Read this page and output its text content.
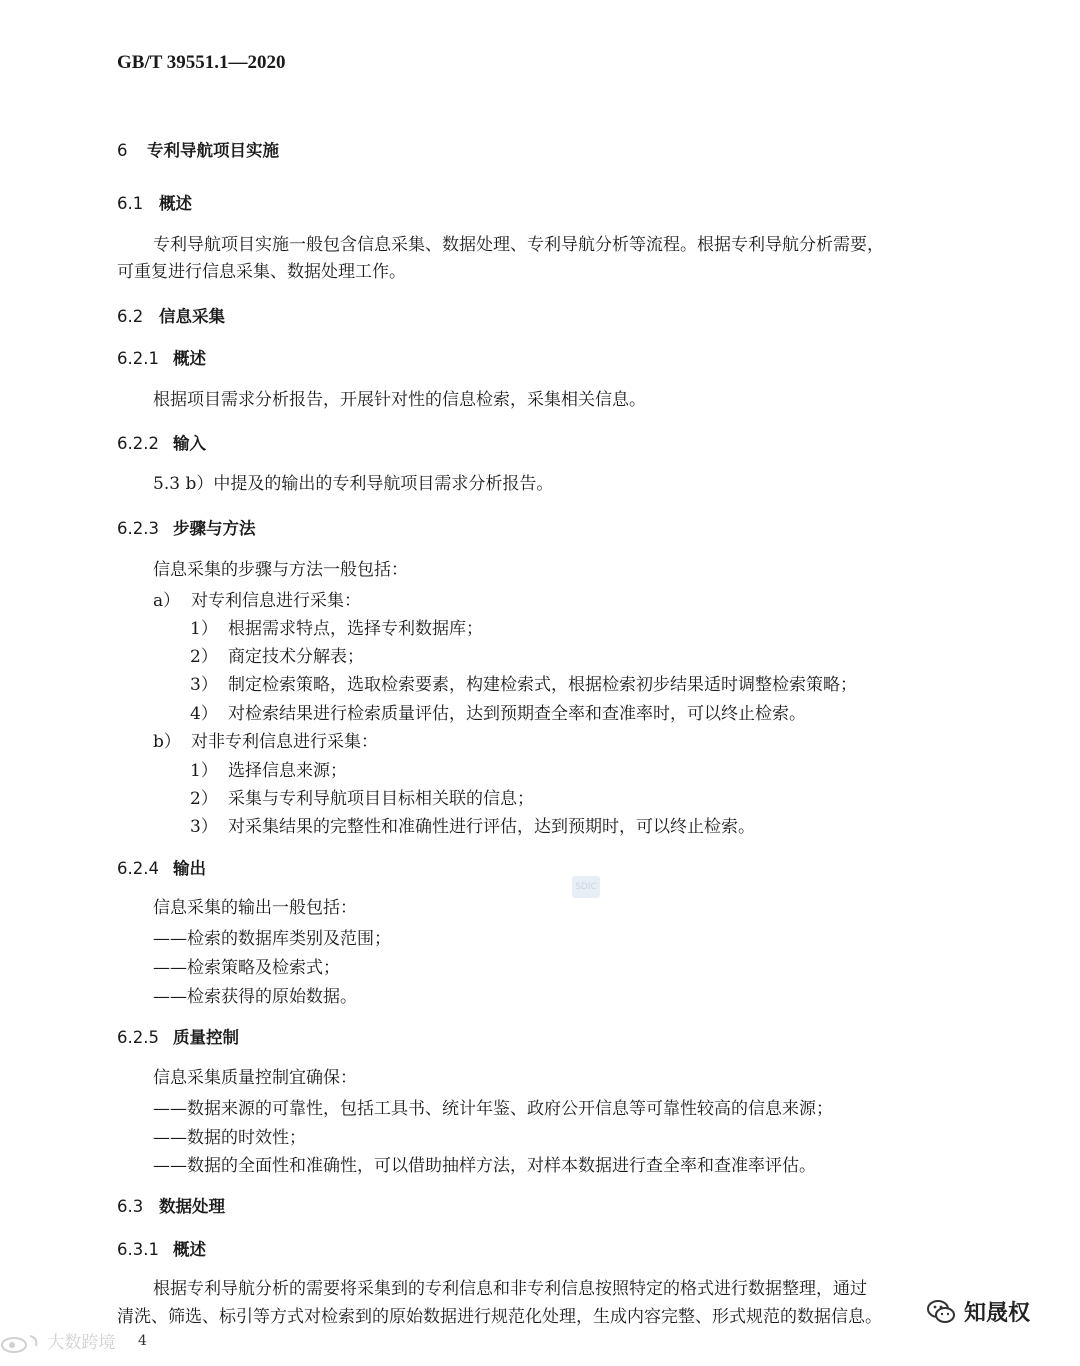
GB/T 39551.1—2020
6 专利导航项目实施
6.1 概述
专利导航项目实施一般包含信息采集、数据处理、专利导航分析等流程。根据专利导航分析需要，
可重复进行信息采集、数据处理工作。
6.2 信息采集
6.2.1 概述
根据项目需求分析报告，开展针对性的信息检索，采集相关信息。
6.2.2 输入
5.3 b）中提及的输出的专利导航项目需求分析报告。
6.2.3 步骤与方法
信息采集的步骤与方法一般包括：
a） 对专利信息进行采集：
1） 根据需求特点，选择专利数据库；
2） 商定技术分解表；
3） 制定检索策略，选取检索要素，构建检索式，根据检索初步结果适时调整检索策略；
4） 对检索结果进行检索质量评估，达到预期查全率和查准率时，可以终止检索。
b） 对非专利信息进行采集：
1） 选择信息来源；
2） 采集与专利导航项目目标相关联的信息；
3） 对采集结果的完整性和准确性进行评估，达到预期时，可以终止检索。
6.2.4 输出
SDIC
信息采集的输出一般包括：
——检索的数据库类别及范围；
——检索策略及检索式；
——检索获得的原始数据。
6.2.5 质量控制
信息采集质量控制宜确保：
——数据来源的可靠性，包括工具书、统计年鉴、政府公开信息等可靠性较高的信息来源；
——数据的时效性；
——数据的全面性和准确性，可以借助抽样方法，对样本数据进行查全率和查准率评估。
6.3 数据处理
6.3.1 概述
根据专利导航分析的需要将采集到的专利信息和非专利信息按照特定的格式进行数据整理，通过
清洗、筛选、标引等方式对检索到的原始数据进行规范化处理，生成内容完整、形式规范的数据信息。
大数跨境 4
知晟权
